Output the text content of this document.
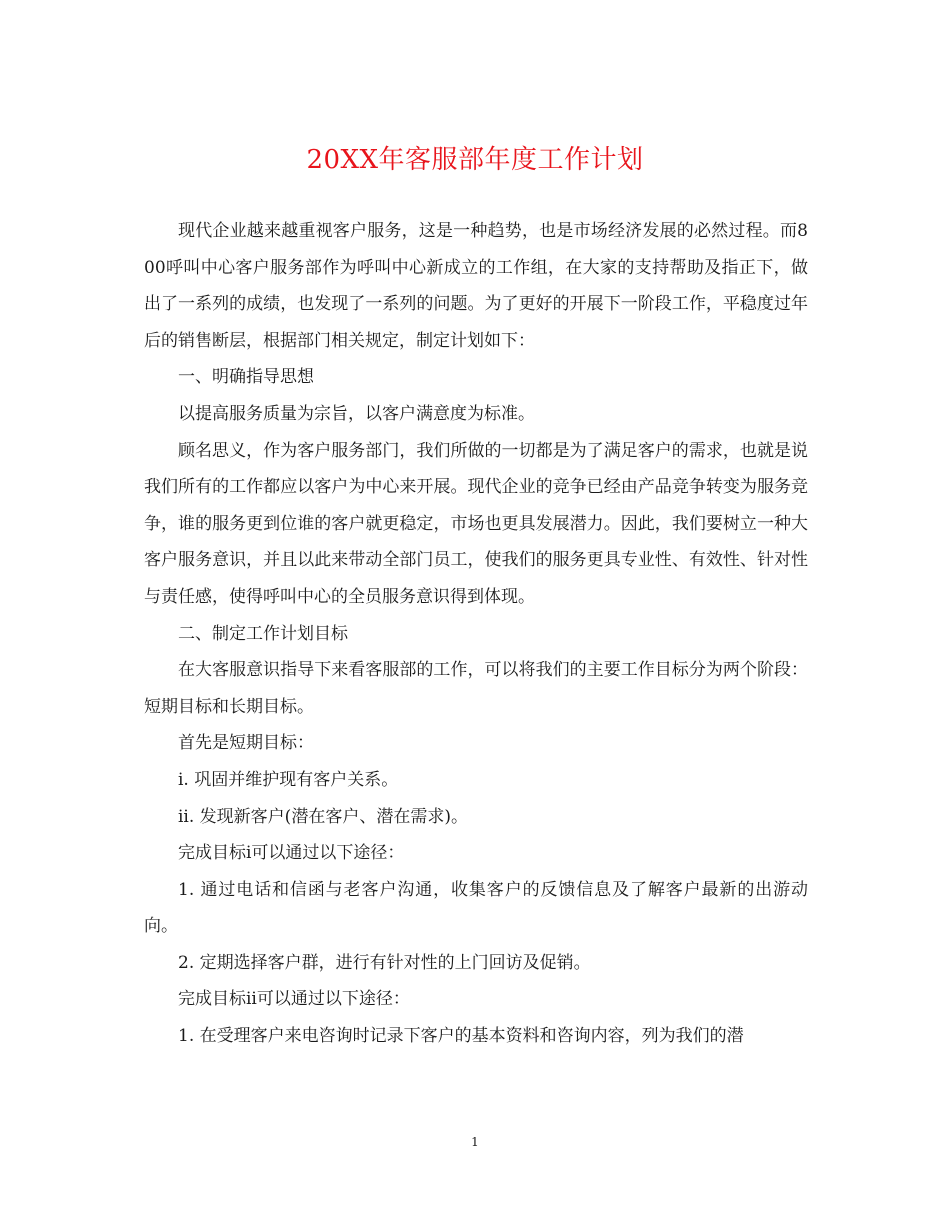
20XX年客服部年度工作计划

现代企业越来越重视客户服务，这是一种趋势，也是市场经济发展的必然过程。而800呼叫中心客户服务部作为呼叫中心新成立的工作组，在大家的支持帮助及指正下，做出了一系列的成绩，也发现了一系列的问题。为了更好的开展下一阶段工作，平稳度过年后的销售断层，根据部门相关规定，制定计划如下：

一、明确指导思想

以提高服务质量为宗旨，以客户满意度为标准。

顾名思义，作为客户服务部门，我们所做的一切都是为了满足客户的需求，也就是说我们所有的工作都应以客户为中心来开展。现代企业的竞争已经由产品竞争转变为服务竞争，谁的服务更到位谁的客户就更稳定，市场也更具发展潜力。因此，我们要树立一种大客户服务意识，并且以此来带动全部门员工，使我们的服务更具专业性、有效性、针对性与责任感，使得呼叫中心的全员服务意识得到体现。

二、制定工作计划目标

在大客服意识指导下来看客服部的工作，可以将我们的主要工作目标分为两个阶段：短期目标和长期目标。

首先是短期目标：

i. 巩固并维护现有客户关系。

ii. 发现新客户(潜在客户、潜在需求)。

完成目标i可以通过以下途径：

1. 通过电话和信函与老客户沟通，收集客户的反馈信息及了解客户最新的出游动向。

2. 定期选择客户群，进行有针对性的上门回访及促销。

完成目标ii可以通过以下途径：

1. 在受理客户来电咨询时记录下客户的基本资料和咨询内容，列为我们的潜

1
